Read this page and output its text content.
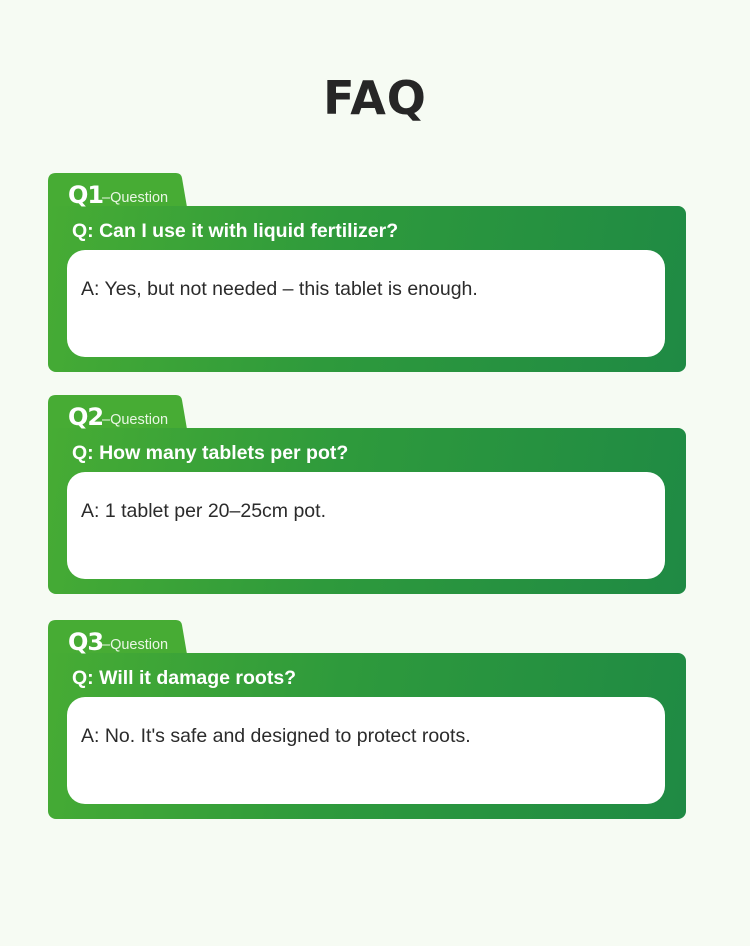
FAQ
Q1
–Question
Q: Can I use it with liquid fertilizer?
A: Yes, but not needed – this tablet is enough.
Q2
–Question
Q: How many tablets per pot?
A: 1 tablet per 20–25cm pot.
Q3
–Question
Q: Will it damage roots?
A: No. It's safe and designed to protect roots.
